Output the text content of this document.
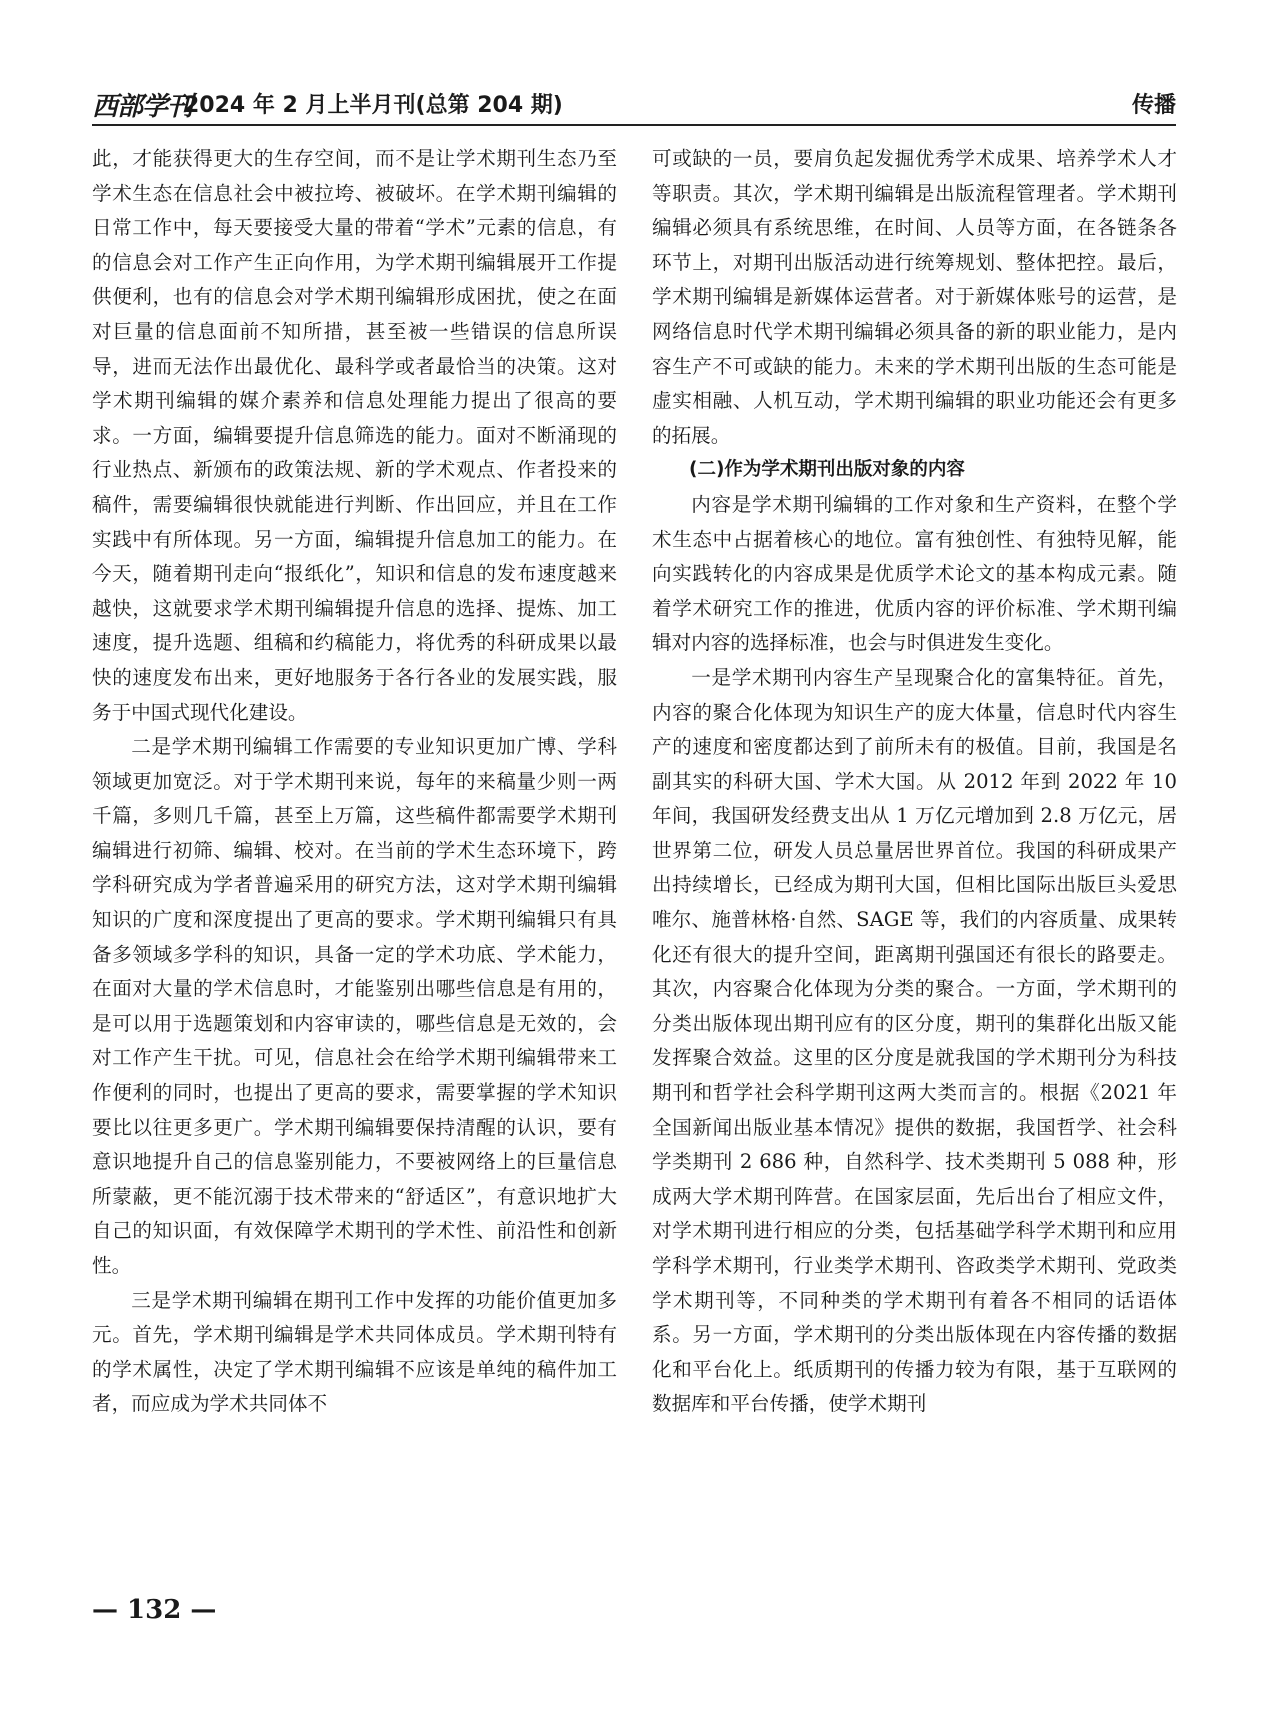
西部学刊
2024 年 2 月上半月刊(总第 204 期)	传播

此，才能获得更大的生存空间，而不是让学术期刊生态乃至学术生态在信息社会中被拉垮、被破坏。在学术期刊编辑的日常工作中，每天要接受大量的带着“学术”元素的信息，有的信息会对工作产生正向作用，为学术期刊编辑展开工作提供便利，也有的信息会对学术期刊编辑形成困扰，使之在面对巨量的信息面前不知所措，甚至被一些错误的信息所误导，进而无法作出最优化、最科学或者最恰当的决策。这对学术期刊编辑的媒介素养和信息处理能力提出了很高的要求。一方面，编辑要提升信息筛选的能力。面对不断涌现的行业热点、新颁布的政策法规、新的学术观点、作者投来的稿件，需要编辑很快就能进行判断、作出回应，并且在工作实践中有所体现。另一方面，编辑提升信息加工的能力。在今天，随着期刊走向“报纸化”，知识和信息的发布速度越来越快，这就要求学术期刊编辑提升信息的选择、提炼、加工速度，提升选题、组稿和约稿能力，将优秀的科研成果以最快的速度发布出来，更好地服务于各行各业的发展实践，服务于中国式现代化建设。

二是学术期刊编辑工作需要的专业知识更加广博、学科领域更加宽泛。对于学术期刊来说，每年的来稿量少则一两千篇，多则几千篇，甚至上万篇，这些稿件都需要学术期刊编辑进行初筛、编辑、校对。在当前的学术生态环境下，跨学科研究成为学者普遍采用的研究方法，这对学术期刊编辑知识的广度和深度提出了更高的要求。学术期刊编辑只有具备多领域多学科的知识，具备一定的学术功底、学术能力，在面对大量的学术信息时，才能鉴别出哪些信息是有用的，是可以用于选题策划和内容审读的，哪些信息是无效的，会对工作产生干扰。可见，信息社会在给学术期刊编辑带来工作便利的同时，也提出了更高的要求，需要掌握的学术知识要比以往更多更广。学术期刊编辑要保持清醒的认识，要有意识地提升自己的信息鉴别能力，不要被网络上的巨量信息所蒙蔽，更不能沉溺于技术带来的“舒适区”，有意识地扩大自己的知识面，有效保障学术期刊的学术性、前沿性和创新性。

三是学术期刊编辑在期刊工作中发挥的功能价值更加多元。首先，学术期刊编辑是学术共同体成员。学术期刊特有的学术属性，决定了学术期刊编辑不应该是单纯的稿件加工者，而应成为学术共同体不

可或缺的一员，要肩负起发掘优秀学术成果、培养学术人才等职责。其次，学术期刊编辑是出版流程管理者。学术期刊编辑必须具有系统思维，在时间、人员等方面，在各链条各环节上，对期刊出版活动进行统筹规划、整体把控。最后，学术期刊编辑是新媒体运营者。对于新媒体账号的运营，是网络信息时代学术期刊编辑必须具备的新的职业能力，是内容生产不可或缺的能力。未来的学术期刊出版的生态可能是虚实相融、人机互动，学术期刊编辑的职业功能还会有更多的拓展。

(二)作为学术期刊出版对象的内容

内容是学术期刊编辑的工作对象和生产资料，在整个学术生态中占据着核心的地位。富有独创性、有独特见解，能向实践转化的内容成果是优质学术论文的基本构成元素。随着学术研究工作的推进，优质内容的评价标准、学术期刊编辑对内容的选择标准，也会与时俱进发生变化。

一是学术期刊内容生产呈现聚合化的富集特征。首先，内容的聚合化体现为知识生产的庞大体量，信息时代内容生产的速度和密度都达到了前所未有的极值。目前，我国是名副其实的科研大国、学术大国。从 2012 年到 2022 年 10 年间，我国研发经费支出从 1 万亿元增加到 2.8 万亿元，居世界第二位，研发人员总量居世界首位。我国的科研成果产出持续增长，已经成为期刊大国，但相比国际出版巨头爱思唯尔、施普林格·自然、SAGE 等，我们的内容质量、成果转化还有很大的提升空间，距离期刊强国还有很长的路要走。其次，内容聚合化体现为分类的聚合。一方面，学术期刊的分类出版体现出期刊应有的区分度，期刊的集群化出版又能发挥聚合效益。这里的区分度是就我国的学术期刊分为科技期刊和哲学社会科学期刊这两大类而言的。根据《2021 年全国新闻出版业基本情况》提供的数据，我国哲学、社会科学类期刊 2 686 种，自然科学、技术类期刊 5 088 种，形成两大学术期刊阵营。在国家层面，先后出台了相应文件，对学术期刊进行相应的分类，包括基础学科学术期刊和应用学科学术期刊，行业类学术期刊、咨政类学术期刊、党政类学术期刊等，不同种类的学术期刊有着各不相同的话语体系。另一方面，学术期刊的分类出版体现在内容传播的数据化和平台化上。纸质期刊的传播力较为有限，基于互联网的数据库和平台传播，使学术期刊

— 132 —
